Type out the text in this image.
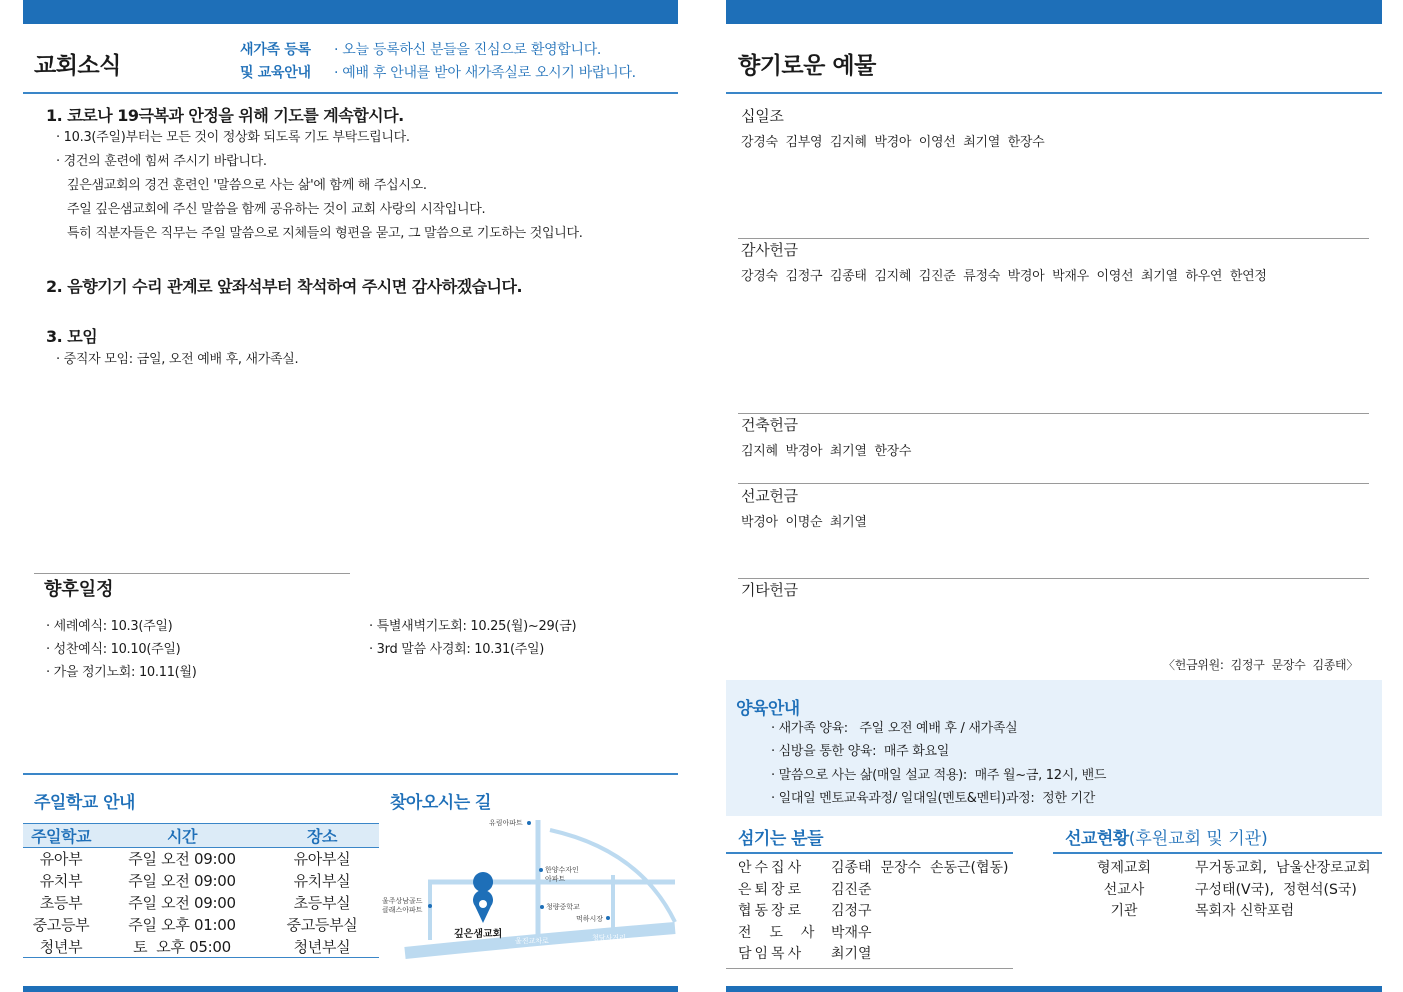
교회소식
새가족 등록
및 교육안내
· 오늘 등록하신 분들을 진심으로 환영합니다.
· 예배 후 안내를 받아 새가족실로 오시기 바랍니다.
1. 코로나 19극복과 안정을 위해 기도를 계속합시다.
· 10.3(주일)부터는 모든 것이 정상화 되도록 기도 부탁드립니다.
· 경건의 훈련에 힘써 주시기 바랍니다.
깊은샘교회의 경건 훈련인 '말씀으로 사는 삶'에 함께 해 주십시오.
주일 깊은샘교회에 주신 말씀을 함께 공유하는 것이 교회 사랑의 시작입니다.
특히 직분자들은 직무는 주일 말씀으로 지체들의 형편을 묻고, 그 말씀으로 기도하는 것입니다.
2. 음향기기 수리 관계로 앞좌석부터 착석하여 주시면 감사하겠습니다.
3. 모임
· 중직자 모임: 금일, 오전 예배 후, 새가족실.
향후일정
· 세례예식: 10.3(주일)
· 성찬예식: 10.10(주일)
· 가을 정기노회: 10.11(월)
· 특별새벽기도회: 10.25(월)~29(금)
· 3rd 말씀 사경회: 10.31(주일)
주일학교 안내	찾아오시는 길
주일학교	시간	장소
유아부	주일 오전 09:00	유아부실
유치부	주일 오전 09:00	유치부실
초등부	주일 오전 09:00	초등부실
중고등부	주일 오후 01:00	중고등부실
청년부	토  오후 05:00	청년부실
유림아파트
한양수자인
아파트
청량중학교
먹하시장
울주상남골드
클래스아파트
깊은샘교회
울진교차로	청담사거리
향기로운 예물
십일조
강경숙  김부영  김지혜  박경아  이영선  최기열  한장수
감사헌금
강경숙  김정구  김종태  김지혜  김진준  류정숙  박경아  박재우  이영선  최기열  하우연  한연정
건축헌금
김지혜  박경아  최기열  한장수
선교헌금
박경아  이명순  최기열
기타헌금
〈헌금위원:  김정구  문장수  김종태〉
양육안내
· 새가족 양육:   주일 오전 예배 후 / 새가족실
· 심방을 통한 양육:  매주 화요일
· 말씀으로 사는 삶(매일 설교 적용):  매주 월~금, 12시, 밴드
· 일대일 멘토교육과정/ 일대일(멘토&멘티)과정:  정한 기간
섬기는 분들
안수집사 김종태  문장수  손동근(협동)
은퇴장로 김진준
협동장로 김정구
전  도  사 박재우
담임목사 최기열
선교현황(후원교회 및 기관)
형제교회	무거동교회,  남울산장로교회
선교사	구성태(V국),  정현석(S국)
기관	목회자 신학포럼
